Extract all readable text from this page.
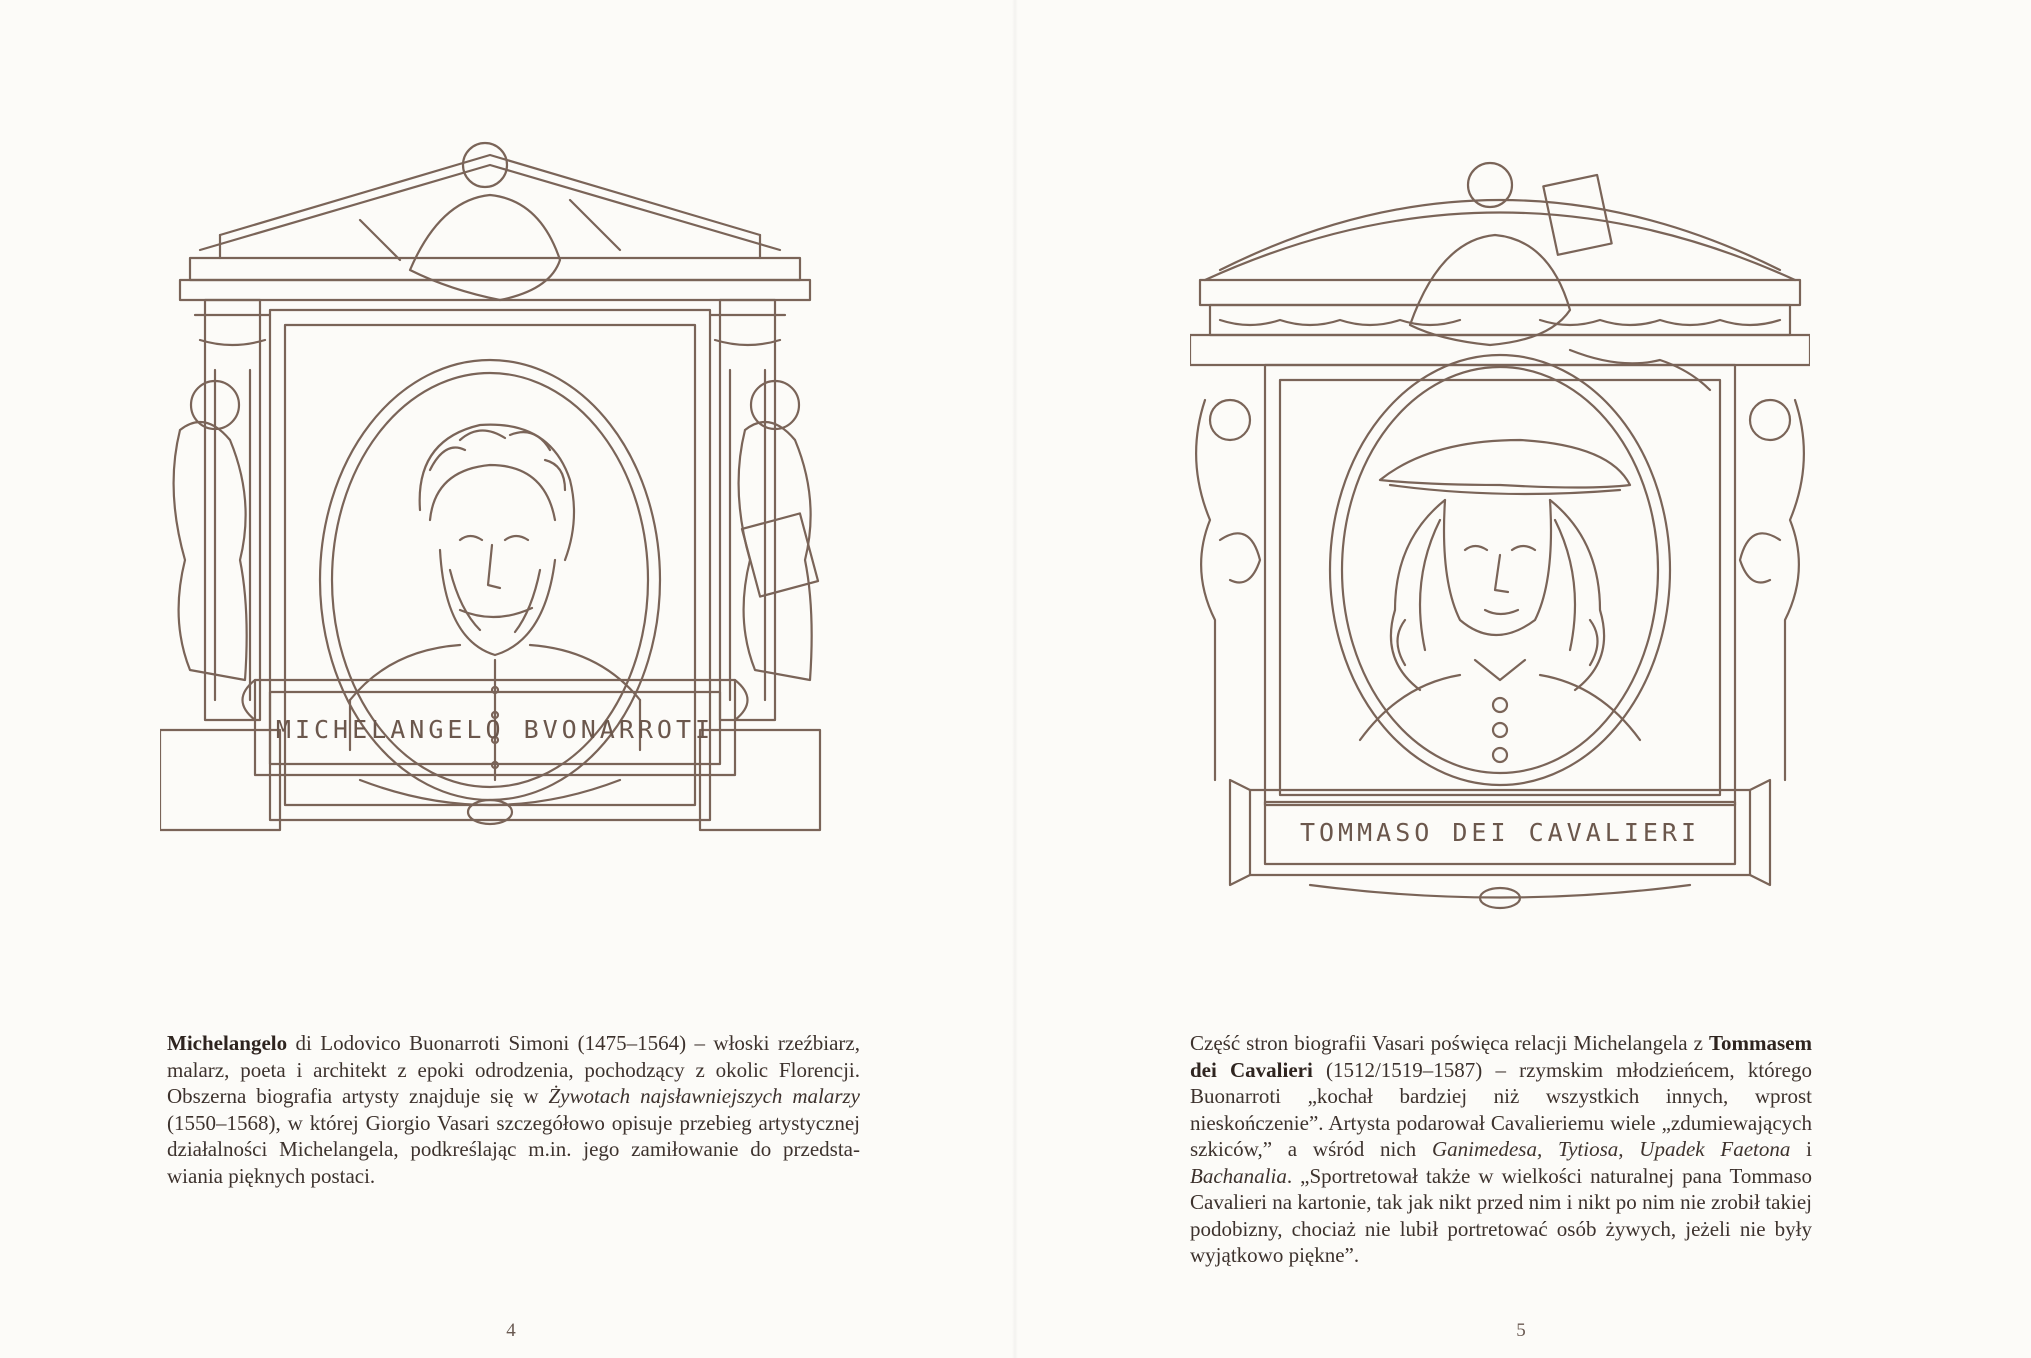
MICHELANGELO BVONARROTI
Michelangelo di Lodovico Buonarroti Simoni (1475–1564) – włoski rzeźbiarz, malarz, poeta i architekt z epoki odrodzenia, pochodzący z okolic Florencji. Obszerna biografia artysty znajduje się w Żywotach najsławniejszych malarzy (1550–1568), w której Giorgio Vasari szczegółowo opisuje przebieg artystycznej działalności Michelangela, podkreślając m.in. jego zamiłowanie do przedstawiania pięknych postaci.
4
TOMMASO DEI CAVALIERI
Część stron biografii Vasari poświęca relacji Michelangela z Tommasem dei Cavalieri (1512/1519–1587) – rzymskim młodzieńcem, którego Buonarroti „kochał bardziej niż wszystkich innych, wprost nieskończenie”. Artysta podarował Cavalieriemu wiele „zdumiewających szkiców,” a wśród nich Ganimedesa, Tytiosa, Upadek Faetona i Bachanalia. „Sportretował także w wielkości naturalnej pana Tommaso Cavalieri na kartonie, tak jak nikt przed nim i nikt po nim nie zrobił takiej podobizny, chociaż nie lubił portretować osób żywych, jeżeli nie były wyjątkowo piękne”.
5
